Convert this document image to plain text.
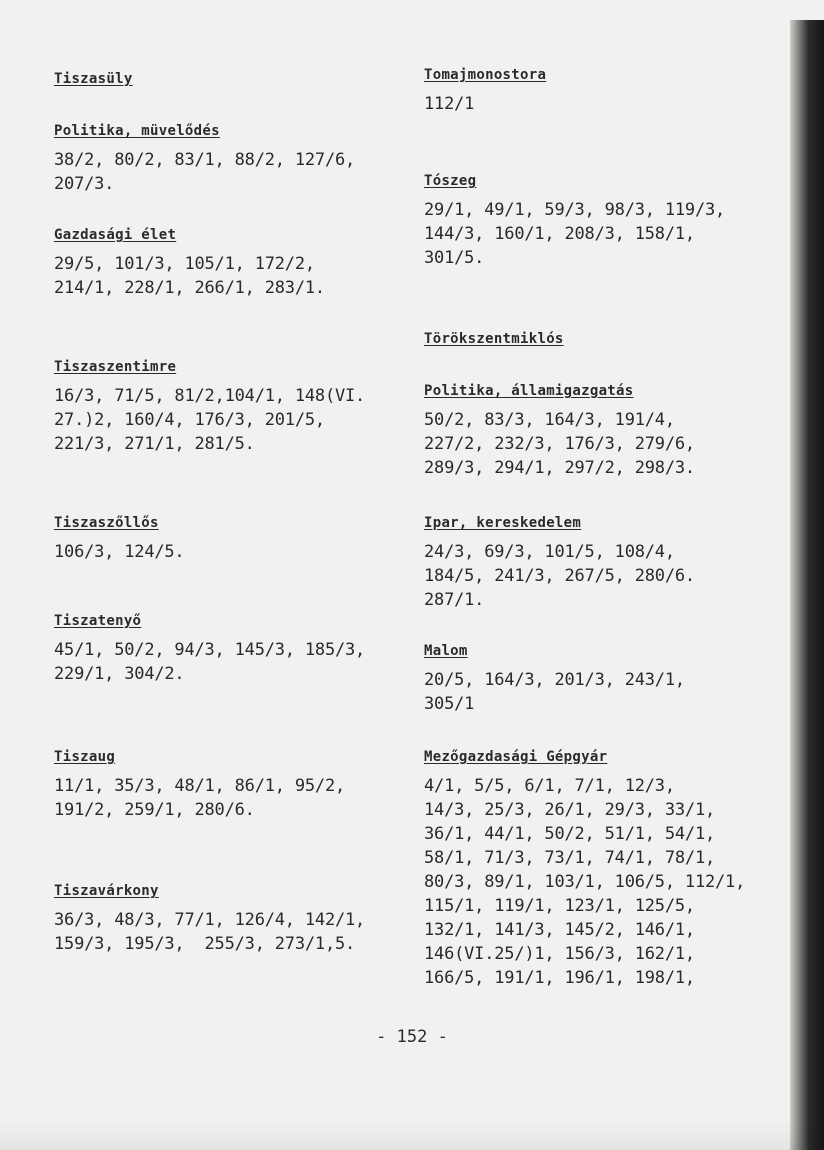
Tiszasüly
Politika, müvelődés
38/2, 80/2, 83/1, 88/2, 127/6,
207/3.
Gazdasági élet
29/5, 101/3, 105/1, 172/2,
214/1, 228/1, 266/1, 283/1.
Tiszaszentimre
16/3, 71/5, 81/2,104/1, 148(VI.
27.)2, 160/4, 176/3, 201/5,
221/3, 271/1, 281/5.
Tiszaszőllős
106/3, 124/5.
Tiszatenyő
45/1, 50/2, 94/3, 145/3, 185/3,
229/1, 304/2.
Tiszaug
11/1, 35/3, 48/1, 86/1, 95/2,
191/2, 259/1, 280/6.
Tiszavárkony
36/3, 48/3, 77/1, 126/4, 142/1,
159/3, 195/3,  255/3, 273/1,5.
Tomajmonostora
112/1
Tószeg
29/1, 49/1, 59/3, 98/3, 119/3,
144/3, 160/1, 208/3, 158/1,
301/5.
Törökszentmiklós
Politika, államigazgatás
50/2, 83/3, 164/3, 191/4,
227/2, 232/3, 176/3, 279/6,
289/3, 294/1, 297/2, 298/3.
Ipar, kereskedelem
24/3, 69/3, 101/5, 108/4,
184/5, 241/3, 267/5, 280/6.
287/1.
Malom
20/5, 164/3, 201/3, 243/1,
305/1
Mezőgazdasági Gépgyár
4/1, 5/5, 6/1, 7/1, 12/3,
14/3, 25/3, 26/1, 29/3, 33/1,
36/1, 44/1, 50/2, 51/1, 54/1,
58/1, 71/3, 73/1, 74/1, 78/1,
80/3, 89/1, 103/1, 106/5, 112/1,
115/1, 119/1, 123/1, 125/5,
132/1, 141/3, 145/2, 146/1,
146(VI.25/)1, 156/3, 162/1,
166/5, 191/1, 196/1, 198/1,
- 152 -
